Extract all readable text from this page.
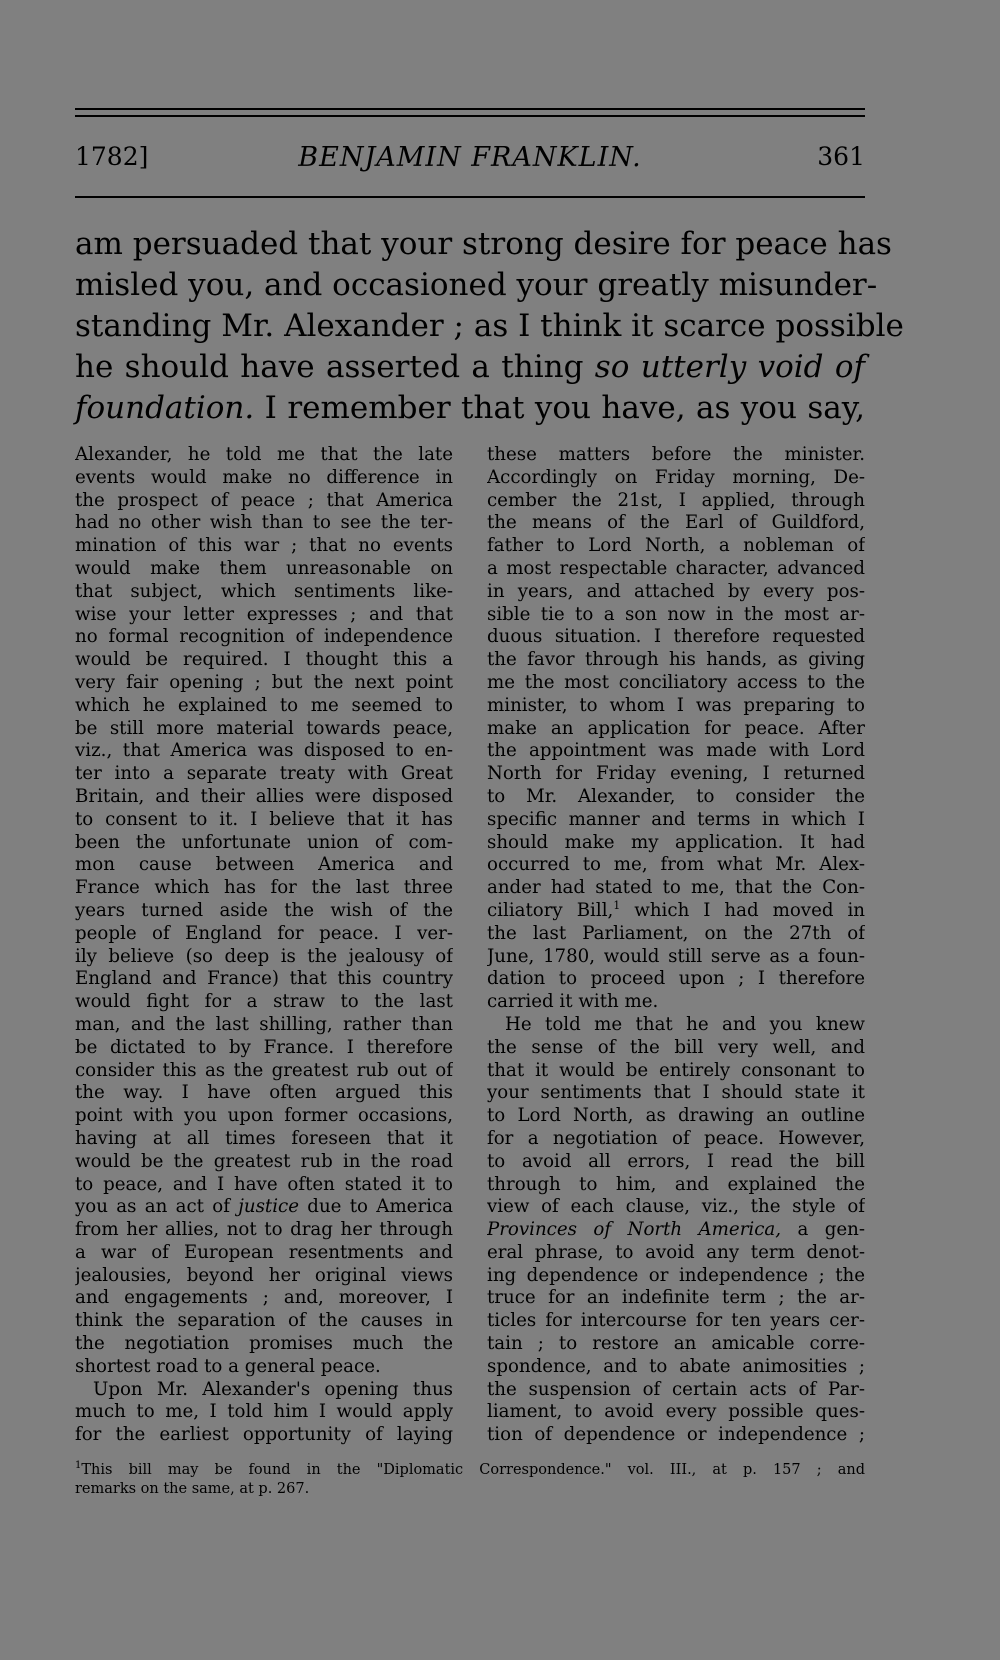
1782]	BENJAMIN FRANKLIN.	361
am persuaded that your strong desire for peace has
misled you, and occasioned your greatly misunder-
standing Mr. Alexander ; as I think it scarce possible
he should have asserted a thing so utterly void of
foundation. I remember that you have, as you say,
Alexander, he told me that the late
events would make no difference in
the prospect of peace ; that America
had no other wish than to see the ter-
mination of this war ; that no events
would make them unreasonable on
that subject, which sentiments like-
wise your letter expresses ; and that
no formal recognition of independence
would be required. I thought this a
very fair opening ; but the next point
which he explained to me seemed to
be still more material towards peace,
viz., that America was disposed to en-
ter into a separate treaty with Great
Britain, and their allies were disposed
to consent to it. I believe that it has
been the unfortunate union of com-
mon cause between America and
France which has for the last three
years turned aside the wish of the
people of England for peace. I ver-
ily believe (so deep is the jealousy of
England and France) that this country
would fight for a straw to the last
man, and the last shilling, rather than
be dictated to by France. I therefore
consider this as the greatest rub out of
the way. I have often argued this
point with you upon former occasions,
having at all times foreseen that it
would be the greatest rub in the road
to peace, and I have often stated it to
you as an act of justice due to America
from her allies, not to drag her through
a war of European resentments and
jealousies, beyond her original views
and engagements ; and, moreover, I
think the separation of the causes in
the negotiation promises much the
shortest road to a general peace.
Upon Mr. Alexander's opening thus
much to me, I told him I would apply
for the earliest opportunity of laying
these matters before the minister.
Accordingly on Friday morning, De-
cember the 21st, I applied, through
the means of the Earl of Guildford,
father to Lord North, a nobleman of
a most respectable character, advanced
in years, and attached by every pos-
sible tie to a son now in the most ar-
duous situation. I therefore requested
the favor through his hands, as giving
me the most conciliatory access to the
minister, to whom I was preparing to
make an application for peace. After
the appointment was made with Lord
North for Friday evening, I returned
to Mr. Alexander, to consider the
specific manner and terms in which I
should make my application. It had
occurred to me, from what Mr. Alex-
ander had stated to me, that the Con-
ciliatory Bill,$^1$ which I had moved in
the last Parliament, on the 27th of
June, 1780, would still serve as a foun-
dation to proceed upon ; I therefore
carried it with me.
He told me that he and you knew
the sense of the bill very well, and
that it would be entirely consonant to
your sentiments that I should state it
to Lord North, as drawing an outline
for a negotiation of peace. However,
to avoid all errors, I read the bill
through to him, and explained the
view of each clause, viz., the style of
Provinces of North America, a gen-
eral phrase, to avoid any term denot-
ing dependence or independence ; the
truce for an indefinite term ; the ar-
ticles for intercourse for ten years cer-
tain ; to restore an amicable corre-
spondence, and to abate animosities ;
the suspension of certain acts of Par-
liament, to avoid every possible ques-
tion of dependence or independence ;
$^1$This bill may be found in the "Diplomatic Correspondence." vol. III., at p. 157 ; and
remarks on the same, at p. 267.
